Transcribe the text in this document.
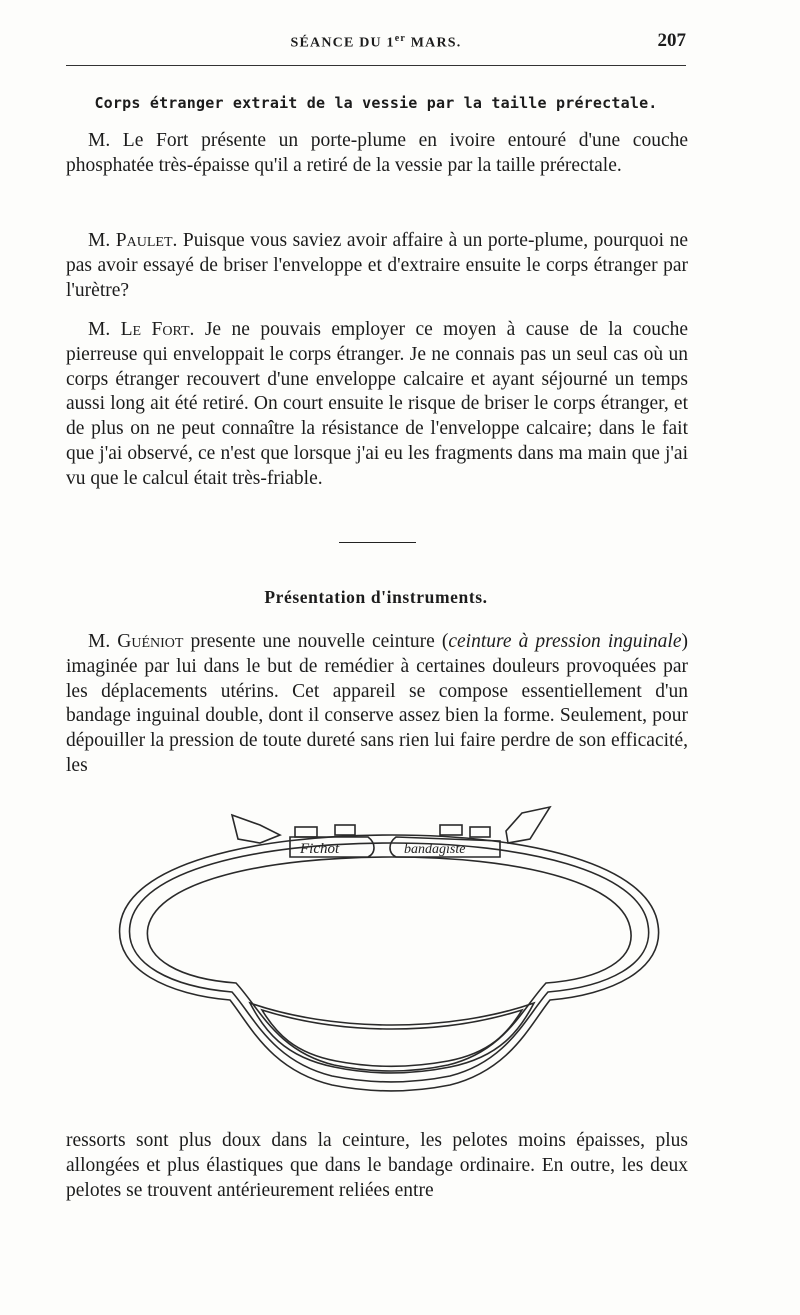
SÉANCE DU 1er MARS.	207
Corps étranger extrait de la vessie par la taille prérectale.

M. Le Fort présente un porte-plume en ivoire entouré d'une couche phosphatée très-épaisse qu'il a retiré de la vessie par la taille prérectale.

M. Paulet. Puisque vous saviez avoir affaire à un porte-plume, pourquoi ne pas avoir essayé de briser l'enveloppe et d'extraire ensuite le corps étranger par l'urètre?

M. Le Fort. Je ne pouvais employer ce moyen à cause de la couche pierreuse qui enveloppait le corps étranger. Je ne connais pas un seul cas où un corps étranger recouvert d'une enveloppe calcaire et ayant séjourné un temps aussi long ait été retiré. On court ensuite le risque de briser le corps étranger, et de plus on ne peut connaître la résistance de l'enveloppe calcaire; dans le fait que j'ai observé, ce n'est que lorsque j'ai eu les fragments dans ma main que j'ai vu que le calcul était très-friable.

Présentation d'instruments.

M. Guéniot presente une nouvelle ceinture (ceinture à pression inguinale) imaginée par lui dans le but de remédier à certaines douleurs provoquées par les déplacements utérins. Cet appareil se compose essentiellement d'un bandage inguinal double, dont il conserve assez bien la forme. Seulement, pour dépouiller la pression de toute dureté sans rien lui faire perdre de son efficacité, les

Fichot	bandagiste

ressorts sont plus doux dans la ceinture, les pelotes moins épaisses, plus allongées et plus élastiques que dans le bandage ordinaire. En outre, les deux pelotes se trouvent antérieurement reliées entre
